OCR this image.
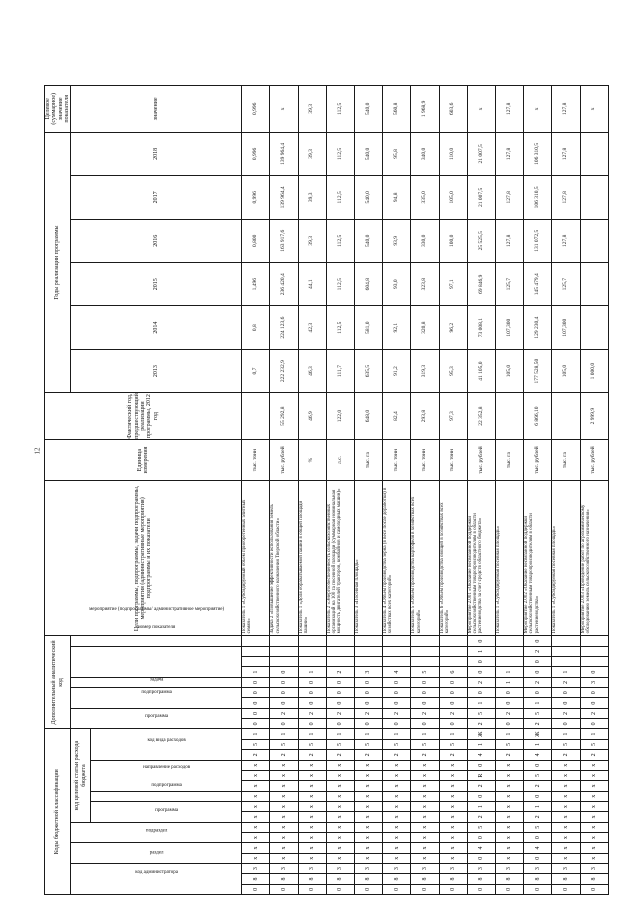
12
Коды бюджетной классификации																Дополнительный аналитический код									Цели программы, подпрограммы, задачи подпрограммы, мероприятия (административные мероприятия) подпрограммы и их показатели	Единица измерения	Фактический год, предшествующий реализации программы, 2012 год	Годы реализации программы						Целевое (суммарное) значение показателя
код администратора			раздел		подраздел		код целевой статьи расхода бюджета									программа		подпрограмма		задача	мероприятие (подпрограммы/ административное мероприятие)			номер показателя				2013	2014	2015	2016	2017	2018	значение
							программа		подпрограмма	направление расходов			код вида расходов																					
0	8	3	x	x	x	x	x	x	x	x	x	x	2	5	1	0	0	0	0	0	1				Показатель 1 «Субсидируемый объем приобретенных элитных семян»	тыс. тонн		0,7	0,8	1,496	0,800	0,996	0,996	0,996
0	8	3	x	x	x	x	x	x	x	x	x	x	2	5	1	0	2	0	0	0	0				Задача 2 «Повышение эффективности использования земель сельскохозяйственного назначения Тверской области»	тыс. рублей	55 292,8	222 232,9	224 123,6	236 420,4	163 917,6	139 964,4	139 964,4	x
0	8	3	x	x	x	x	x	x	x	x	x	x	2	5	1	0	2	0	0	0	1				Показатель 1 «Доля обрабатываемой пашни в общей площади пашни»	%	46,9	46,3	42,3	44,1	39,3	39,3	39,3	39,3
0	8	3	x	x	x	x	x	x	x	x	x	x	2	5	1	0	2	0	0	0	2				Показатель 2 «Энергообеспеченность сельскохозяйственных организаций на 100 га посевной площади (суммарная номинальная мощность двигателей тракторов, комбайнов и самоходных машин)»	л.с.	122,0	111,7	112,5	112,5	112,5	112,5	112,5	112,5
0	8	3	x	x	x	x	x	x	x	x	x	x	2	5	1	0	2	0	0	0	3				Показатель 3 «Посевная площадь»	тыс. га	648,0	635,5	581,0	604,8	540,0	540,0	540,0	540,0
0	8	3	x	x	x	x	x	x	x	x	x	x	2	5	1	0	2	0	0	0	4				Показатель 4 «Объем производства зерна (в весе после доработки) в хозяйствах всех категорий»	тыс. тонн	82,4	91,2	92,1	93,0	93,9	94,8	95,8	560,8
0	8	3	x	x	x	x	x	x	x	x	x	x	2	5	1	0	2	0	0	0	5				Показатель 5 «Объем производства картофеля в хозяйствах всех категорий»	тыс. тонн	293,8	319,3	320,8	323,8	330,0	335,0	340,0	1 968,9
0	8	3	x	x	x	x	x	x	x	x	x	x	2	5	1	0	2	0	0	0	6				Показатель 6 «Объем производства овощей в хозяйствах всех категорий»	тыс. тонн	97,3	95,3	96,2	97,1	100,0	105,0	110,0	603,6
0	8	3	0	4	0	5	2	1	0	2	R	0	4	1	Ж	2	5	1	0	2	0	0	1	0	Мероприятие 2.001 «Оказание несвязанной поддержки сельскохозяйственным товаропроизводителям в области растениеводства за счет средств областного бюджета»	тыс. рублей	22 352,8	41 105,0	73 008,1	69 846,9	25 525,5	21 007,5	21 007,5	x
0	8	3	x	x	x	x	x	x	x	x	x	x	2	5	1	0	2	0	0	1	1				Показатель 1 «Субсидируемая посевная площадь»	тыс. га		105,0	107,300	125,7	127,8	127,8	127,8	127,8
0	8	3	0	4	0	5	2	1	0	2	5	0	4	1	Ж	2	5	1	0	2	0	0	2	0	Мероприятие 2.002 «Оказание несвязанной поддержки сельскохозяйственным товаропроизводителям в области растениеводства»	тыс. рублей	6 866,10	177 528,50	129 230,4	145 479,4	131 072,5	106 310,5	106 310,5	x
0	8	3	x	x	x	x	x	x	x	x	x	x	2	5	1	0	2	0	0	2	1				Показатель 1 «Субсидируемая посевная площадь»	тыс. га		105,0	107,300	125,7	127,8	127,8	127,8	127,8
0	8	3	x	x	x	x	x	x	x	x	x	x	2	5	1	0	2	0	0	3	0				Мероприятие 2.003 «Проведение работ по агрохимическому обследованию земель сельскохозяйственного назначения»	тыс. рублей	2 999,9	1 000,0						x
